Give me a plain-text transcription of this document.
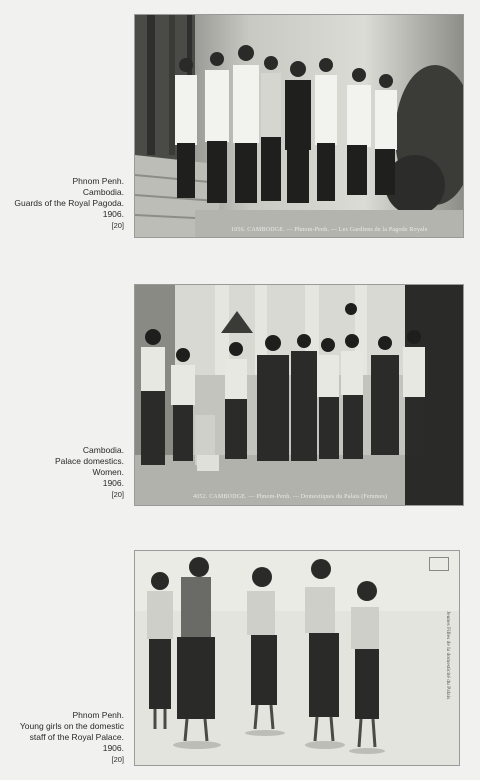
Phnom Penh.
Cambodia.
Guards of the Royal Pagoda.
1906.
[20]	1056. CAMBODGE. — Phnom-Penh. — Les Gardiens de la Pagode Royale
Cambodia.
Palace domestics.
Women.
1906.
[20]	4052. CAMBODGE. — Phnom-Penh. — Domestiques du Palais (Femmes)
Phnom Penh.
Young girls on the domestic
staff of the Royal Palace.
1906.
[20]
Jeunes Filles de la domesticité du Palais
